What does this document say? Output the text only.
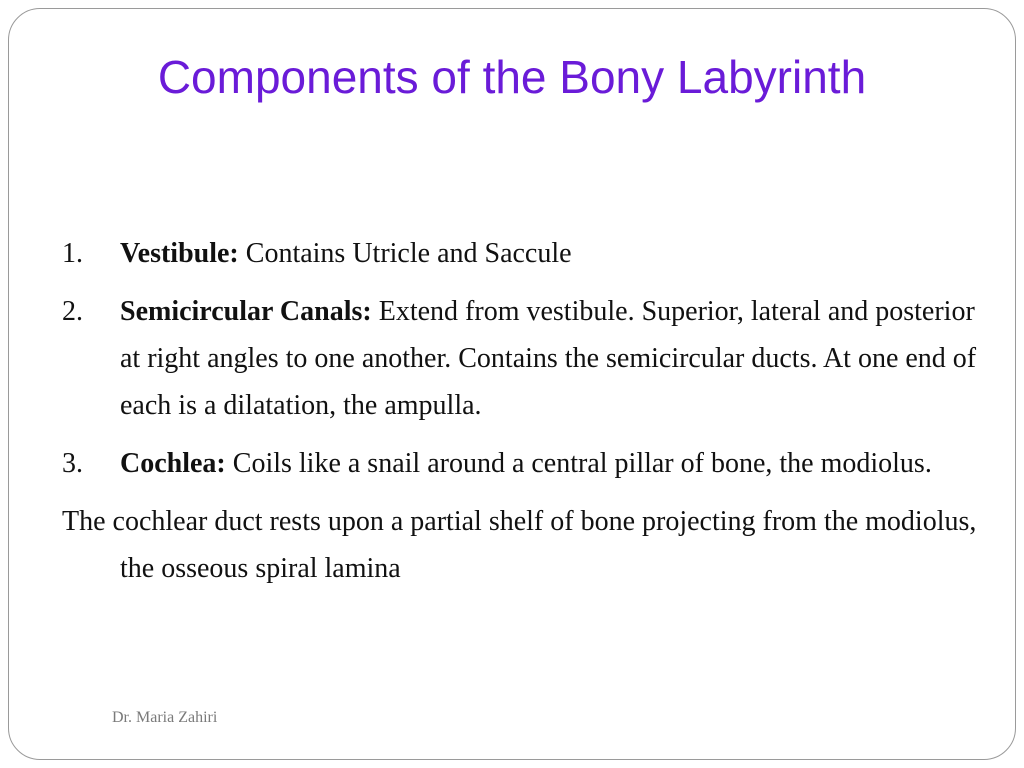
Components of the Bony Labyrinth
1. Vestibule: Contains Utricle and Saccule
2. Semicircular Canals: Extend from vestibule. Superior, lateral and posterior at right angles to one another. Contains the semicircular ducts. At one end of each is a dilatation, the ampulla.
3. Cochlea: Coils like a snail around a central pillar of bone, the modiolus.

The cochlear duct rests upon a partial shelf of bone projecting from the modiolus, the osseous spiral lamina

Dr. Maria Zahiri
